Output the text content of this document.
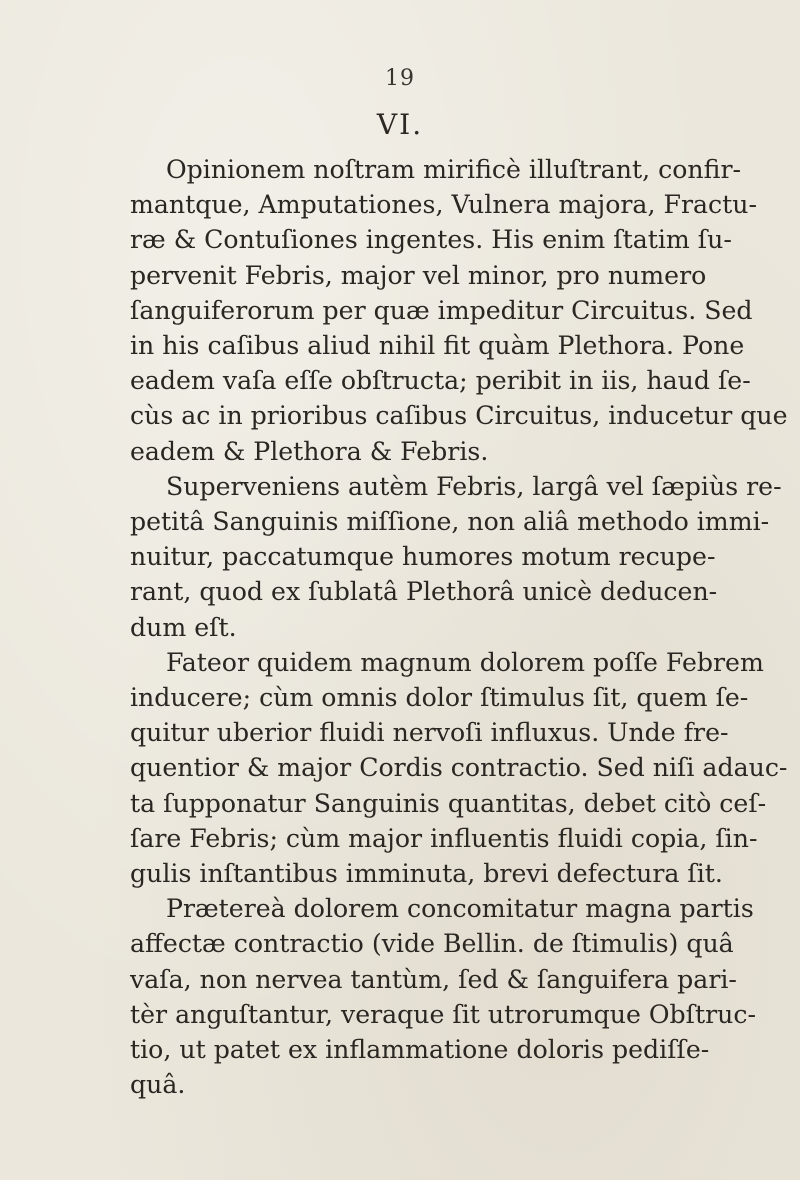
19
VI.
Opinionem noſtram mirificè illuſtrant, confir-
mantque, Amputationes, Vulnera majora, Fractu-
ræ & Contuſiones ingentes. His enim ſtatim ſu-
pervenit Febris, major vel minor, pro numero
ſanguiferorum per quæ impeditur Circuitus. Sed
in his caſibus aliud nihil fit quàm Plethora. Pone
eadem vaſa eſſe obſtructa; peribit in iis, haud ſe-
cùs ac in prioribus caſibus Circuitus, inducetur que
eadem & Plethora & Febris.
Superveniens autèm Febris, largâ vel ſæpiùs re-
petitâ Sanguinis miſſione, non aliâ methodo immi-
nuitur, paccatumque humores motum recupe-
rant, quod ex ſublatâ Plethorâ unicè deducen-
dum eſt.
Fateor quidem magnum dolorem poſſe Febrem
inducere; cùm omnis dolor ſtimulus ſit, quem ſe-
quitur uberior fluidi nervoſi influxus. Unde fre-
quentior & major Cordis contractio. Sed niſi adauc-
ta ſupponatur Sanguinis quantitas, debet citò ceſ-
ſare Febris; cùm major influentis fluidi copia, ſin-
gulis inſtantibus imminuta, brevi defectura ſit.
Prætereà dolorem concomitatur magna partis
affectæ contractio (vide Bellin. de ſtimulis) quâ
vaſa, non nervea tantùm, ſed & ſanguifera pari-
tèr anguſtantur, veraque ſit utrorumque Obſtruc-
tio, ut patet ex inflammatione doloris pediſſe-
quâ.
